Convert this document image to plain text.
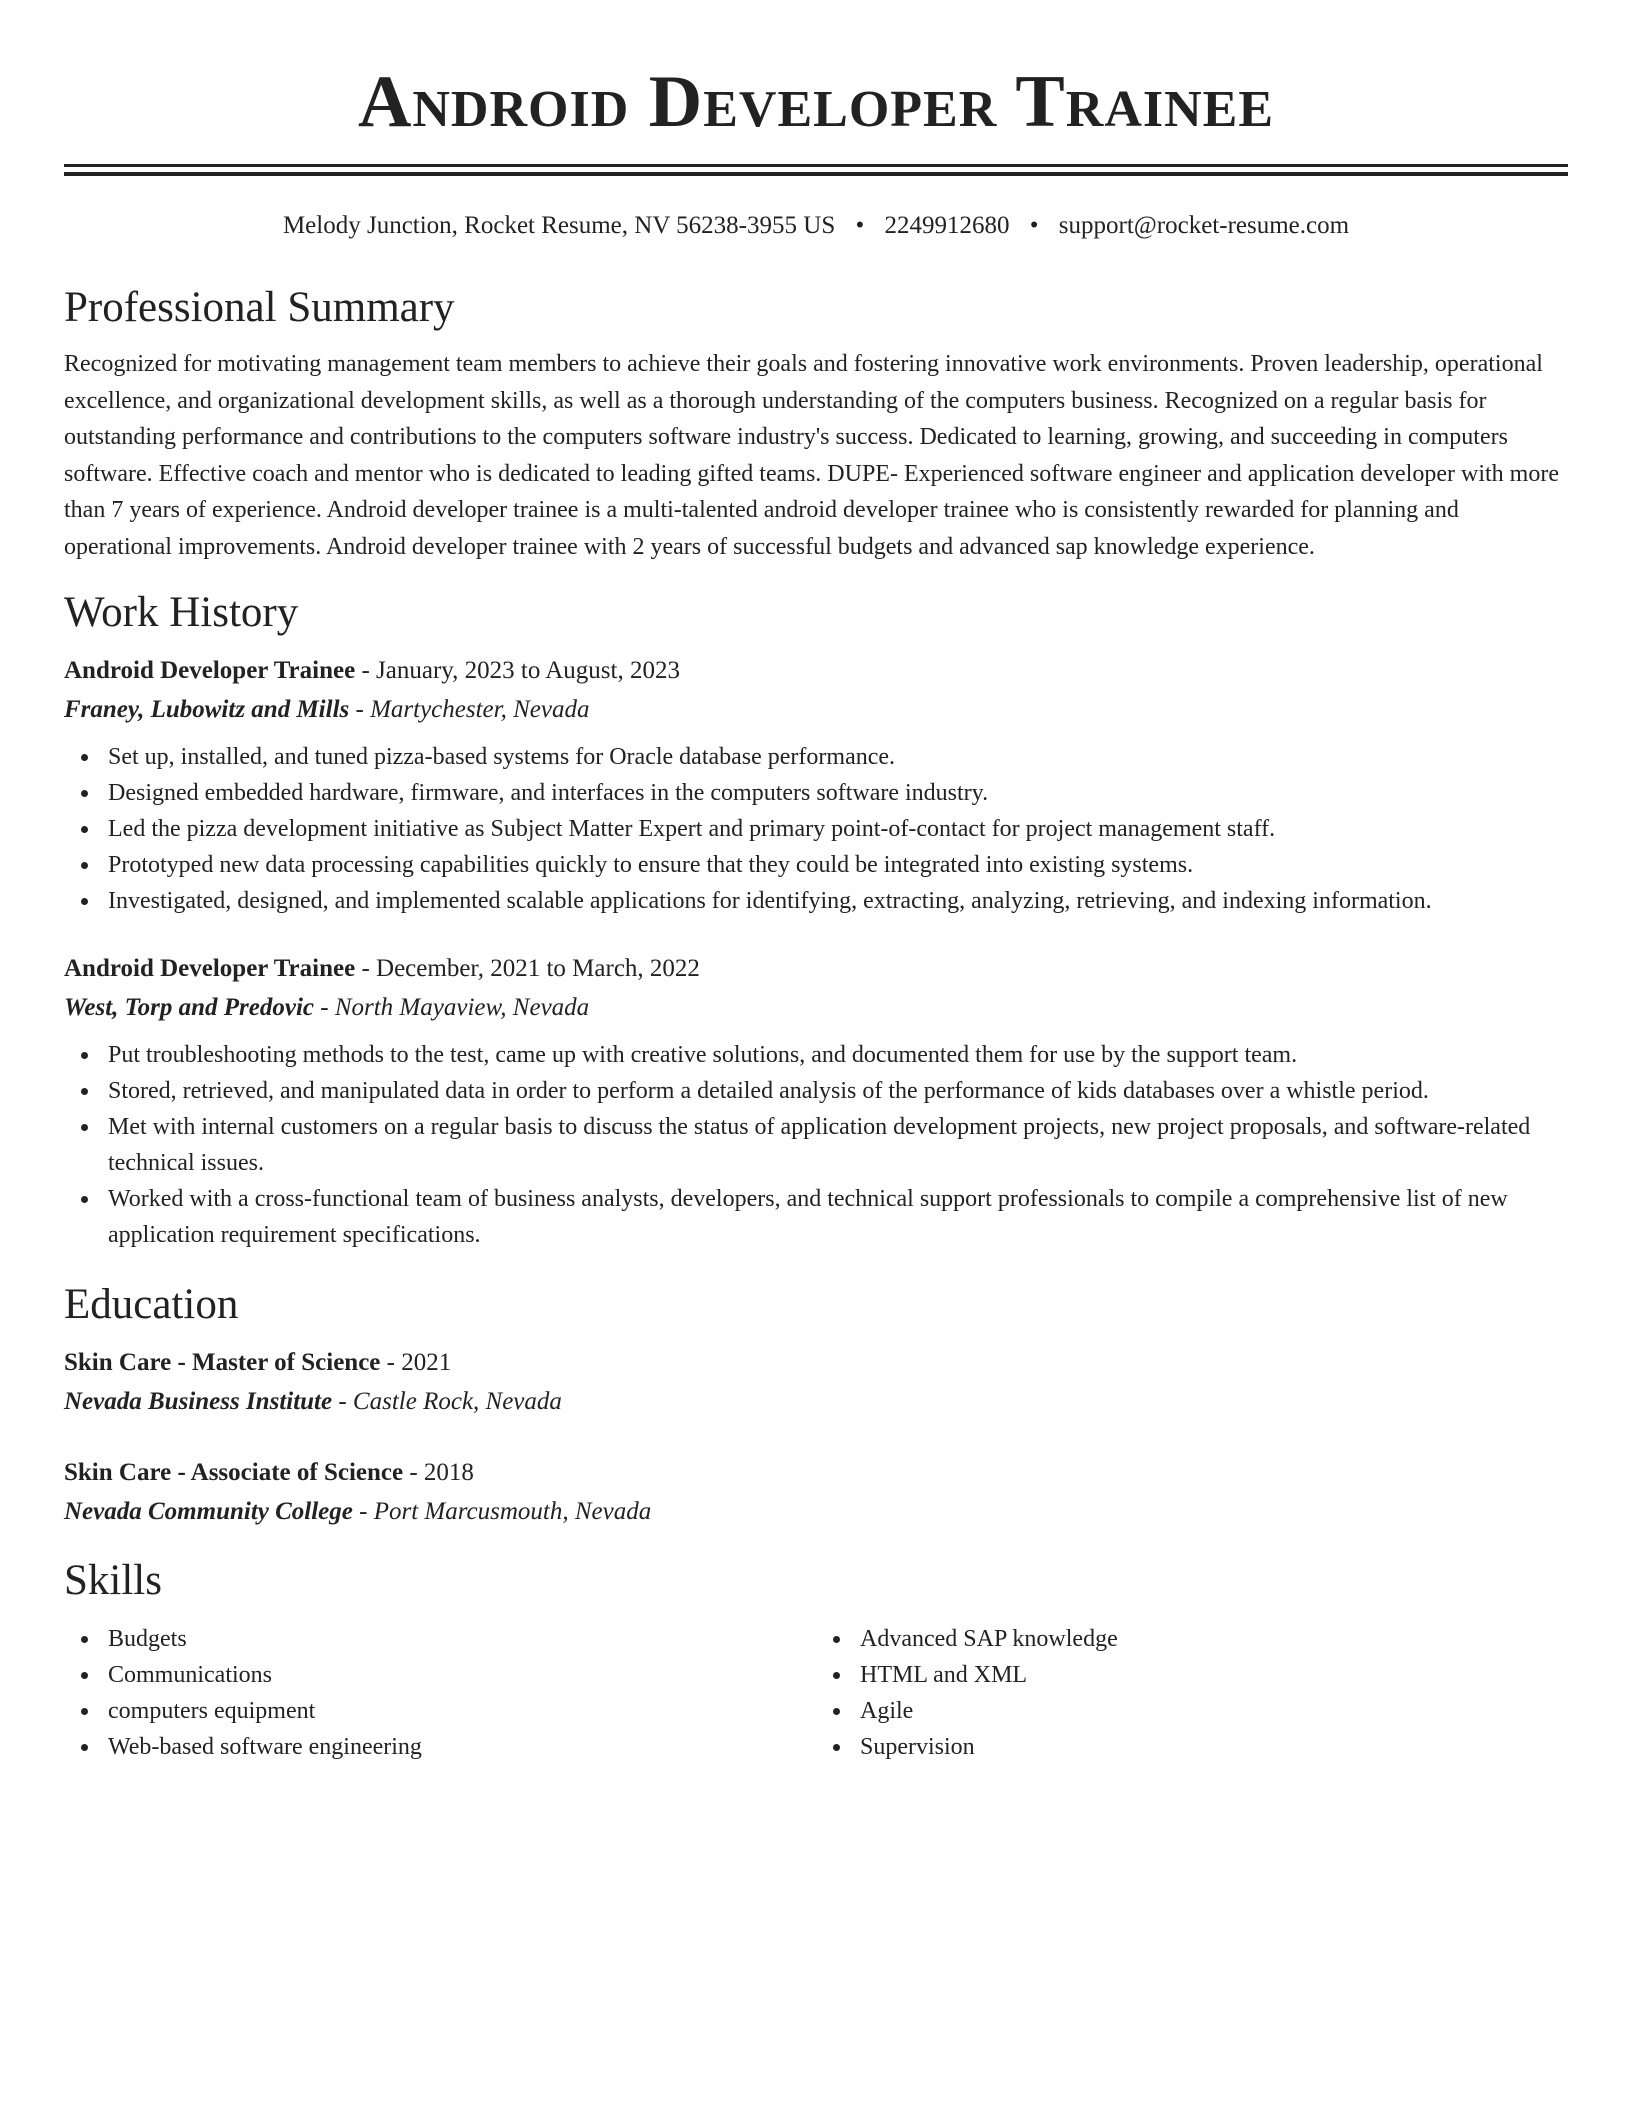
Android Developer Trainee
Melody Junction, Rocket Resume, NV 56238-3955 US • 2249912680 • support@rocket-resume.com
Professional Summary

Recognized for motivating management team members to achieve their goals and fostering innovative work environments. Proven leadership, operational excellence, and organizational development skills, as well as a thorough understanding of the computers business. Recognized on a regular basis for outstanding performance and contributions to the computers software industry's success. Dedicated to learning, growing, and succeeding in computers software. Effective coach and mentor who is dedicated to leading gifted teams. DUPE- Experienced software engineer and application developer with more than 7 years of experience. Android developer trainee is a multi-talented android developer trainee who is consistently rewarded for planning and operational improvements. Android developer trainee with 2 years of successful budgets and advanced sap knowledge experience.

Work History
Android Developer Trainee - January, 2023 to August, 2023
Franey, Lubowitz and Mills - Martychester, Nevada
Set up, installed, and tuned pizza-based systems for Oracle database performance.
Designed embedded hardware, firmware, and interfaces in the computers software industry.
Led the pizza development initiative as Subject Matter Expert and primary point-of-contact for project management staff.
Prototyped new data processing capabilities quickly to ensure that they could be integrated into existing systems.
Investigated, designed, and implemented scalable applications for identifying, extracting, analyzing, retrieving, and indexing information.
Android Developer Trainee - December, 2021 to March, 2022
West, Torp and Predovic - North Mayaview, Nevada
Put troubleshooting methods to the test, came up with creative solutions, and documented them for use by the support team.
Stored, retrieved, and manipulated data in order to perform a detailed analysis of the performance of kids databases over a whistle period.
Met with internal customers on a regular basis to discuss the status of application development projects, new project proposals, and software-related technical issues.
Worked with a cross-functional team of business analysts, developers, and technical support professionals to compile a comprehensive list of new application requirement specifications.
Education
Skin Care - Master of Science - 2021
Nevada Business Institute - Castle Rock, Nevada
Skin Care - Associate of Science - 2018
Nevada Community College - Port Marcusmouth, Nevada
Skills
Budgets
Communications
computers equipment
Web-based software engineering
Advanced SAP knowledge
HTML and XML
Agile
Supervision
